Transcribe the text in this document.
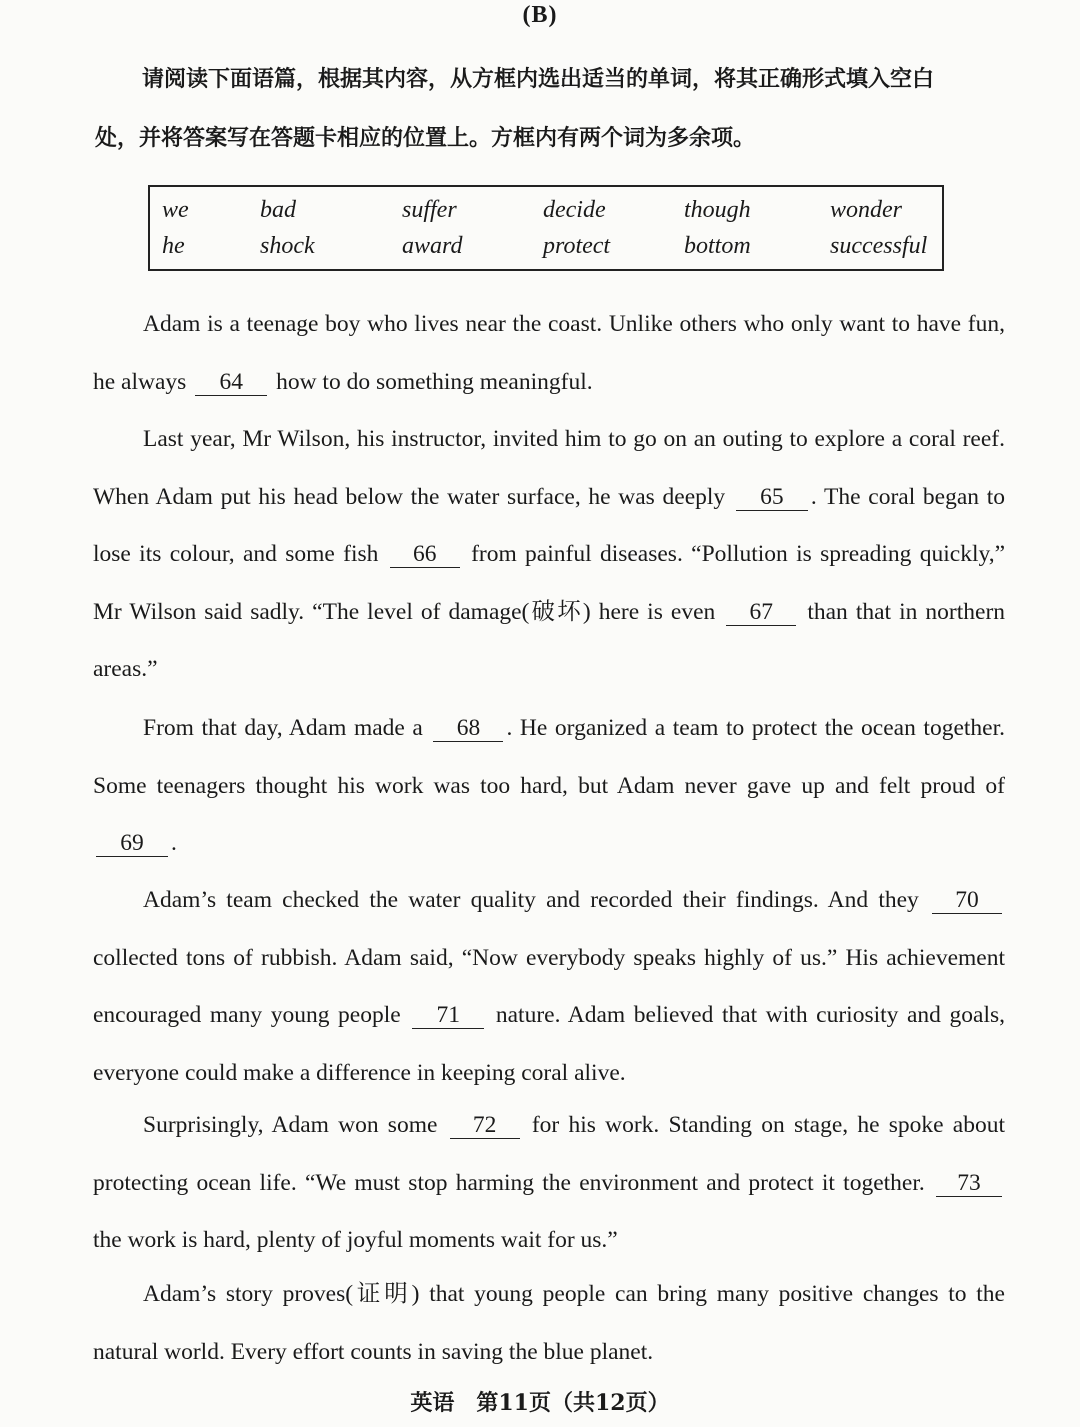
(B)
请阅读下面语篇，根据其内容，从方框内选出适当的单词，将其正确形式填入空白
处，并将答案写在答题卡相应的位置上。方框内有两个词为多余项。
we	bad	suffer	decide	though	wonder
he	shock	award	protect	bottom	successful
Adam is a teenage boy who lives near the coast. Unlike others who only want to have fun, he always 64 how to do something meaningful.
Last year, Mr Wilson, his instructor, invited him to go on an outing to explore a coral reef. When Adam put his head below the water surface, he was deeply 65 . The coral began to lose its colour, and some fish 66 from painful diseases. “Pollution is spreading quickly,” Mr Wilson said sadly. “The level of damage(破坏) here is even 67 than that in northern areas.”
From that day, Adam made a 68 . He organized a team to protect the ocean together. Some teenagers thought his work was too hard, but Adam never gave up and felt proud of 69 .
Adam’s team checked the water quality and recorded their findings. And they 70 collected tons of rubbish. Adam said, “Now everybody speaks highly of us.” His achievement encouraged many young people 71 nature. Adam believed that with curiosity and goals, everyone could make a difference in keeping coral alive.
Surprisingly, Adam won some 72 for his work. Standing on stage, he spoke about protecting ocean life. “We must stop harming the environment and protect it together. 73 the work is hard, plenty of joyful moments wait for us.”
Adam’s story proves(证明) that young people can bring many positive changes to the natural world. Every effort counts in saving the blue planet.
英语　第11页（共12页）
